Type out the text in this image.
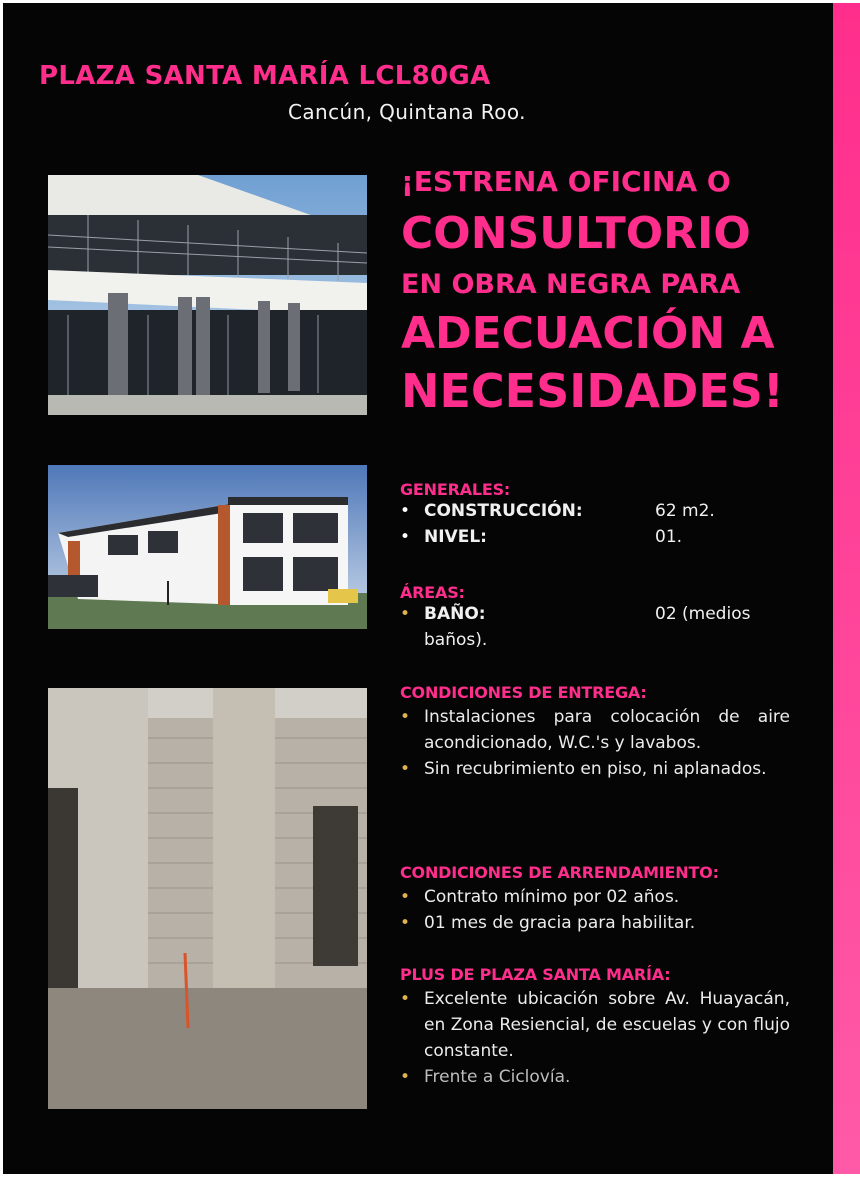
PLAZA SANTA MARÍA LCL80GA
Cancún, Quintana Roo.
¡ESTRENA OFICINA O
CONSULTORIO
EN OBRA NEGRA PARA
ADECUACIÓN A
NECESIDADES!
GENERALES:
• CONSTRUCCIÓN:	62 m2.
• NIVEL:	01.
ÁREAS:
• BAÑO:	02 (medios
baños).
CONDICIONES DE ENTREGA:
• Instalaciones para colocación de aire acondicionado, W.C.'s y lavabos.
• Sin recubrimiento en piso, ni aplanados.
CONDICIONES DE ARRENDAMIENTO:
• Contrato mínimo por 02 años.
• 01 mes de gracia para habilitar.
PLUS DE PLAZA SANTA MARÍA:
• Excelente ubicación sobre Av. Huayacán, en Zona Resiencial, de escuelas y con flujo constante.
• Frente a Ciclovía.
